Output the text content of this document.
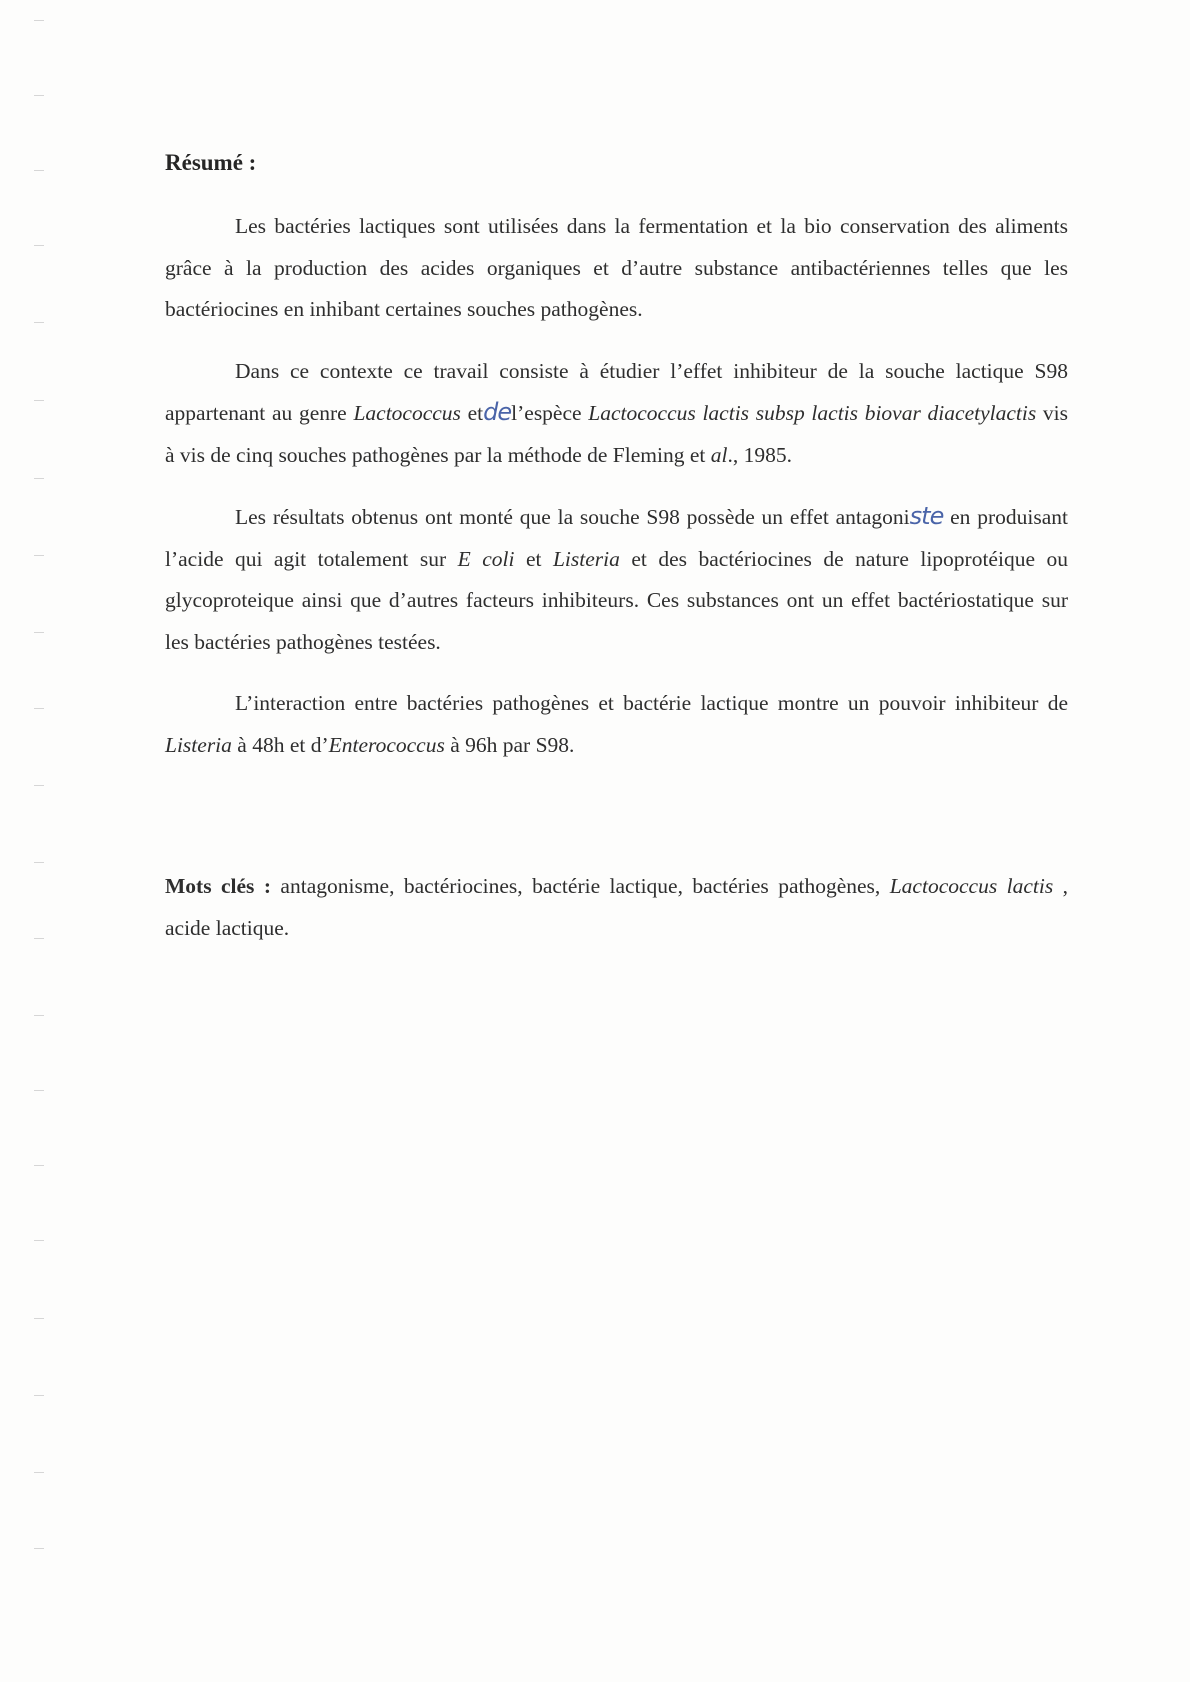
Résumé :

Les bactéries lactiques sont utilisées dans la fermentation et la bio conservation des aliments grâce à la production des acides organiques et d’autre substance antibactériennes telles que les bactériocines en inhibant certaines souches pathogènes.

Dans ce contexte ce travail consiste à étudier l’effet inhibiteur de la souche lactique S98 appartenant au genre Lactococcus etdel’espèce Lactococcus lactis subsp lactis biovar diacetylactis vis à vis de cinq souches pathogènes par la méthode de Fleming et al., 1985.

Les résultats obtenus ont monté que la souche S98 possède un effet antagoniste en produisant l’acide qui agit totalement sur E coli et Listeria et des bactériocines de nature lipoprotéique ou glycoproteique ainsi que d’autres facteurs inhibiteurs. Ces substances ont un effet bactériostatique sur les bactéries pathogènes testées.

L’interaction entre bactéries pathogènes et bactérie lactique montre un pouvoir inhibiteur de Listeria à 48h et d’Enterococcus à 96h par S98.

Mots clés : antagonisme, bactériocines, bactérie lactique, bactéries pathogènes, Lactococcus lactis , acide lactique.
